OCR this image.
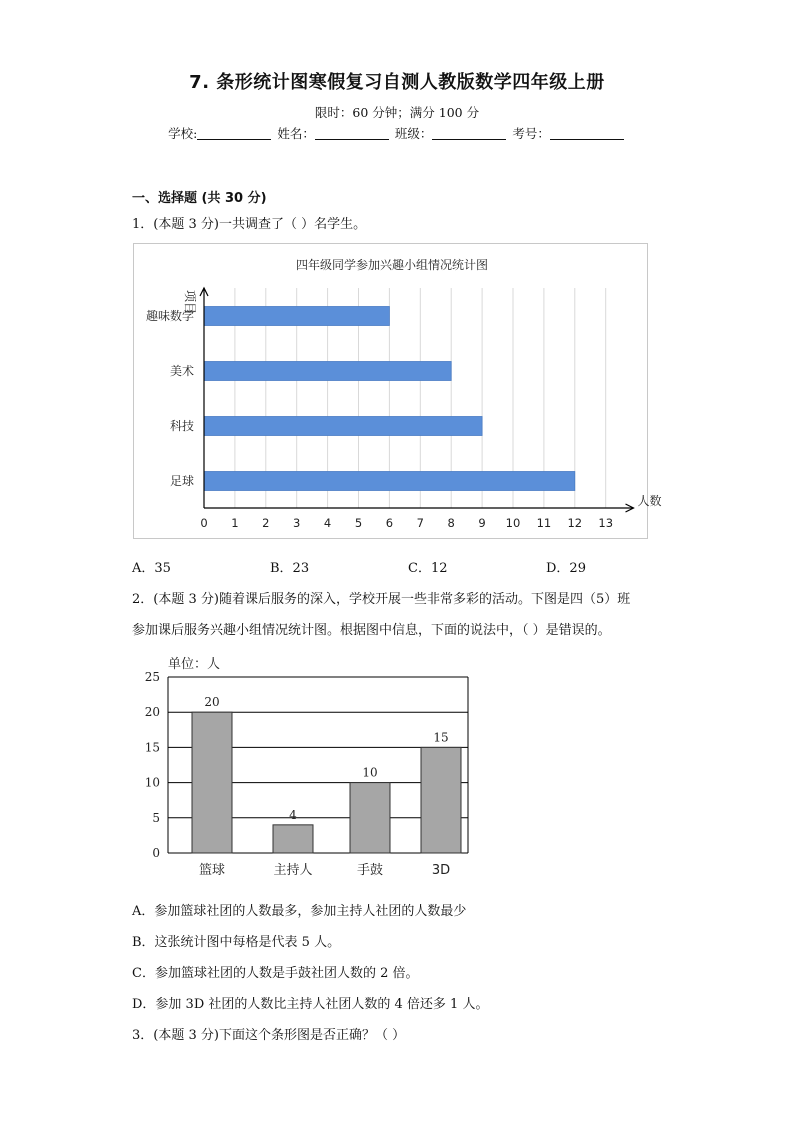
7. 条形统计图寒假复习自测人教版数学四年级上册
限时：60 分钟；满分 100 分
学校:	姓名：	班级：	考号：
一、选择题 (共 30 分)
1．(本题 3 分)一共调查了（ ）名学生。
四年级同学参加兴趣小组情况统计图
趣味数学
美术
科技
足球
0 1 2 3 4 5 6 7 8 9 10 11 12 13
人数
项目
A．35	B．23	C．12	D．29
2．(本题 3 分)随着课后服务的深入，学校开展一些非常多彩的活动。下图是四（5）班
参加课后服务兴趣小组情况统计图。根据图中信息，下面的说法中，（ ）是错误的。
单位：人
0
5
10
15
20
25
20
篮球
4
主持人
10
手鼓
15
3D
A．参加篮球社团的人数最多，参加主持人社团的人数最少
B．这张统计图中每格是代表 5 人。
C．参加篮球社团的人数是手鼓社团人数的 2 倍。
D．参加 3D 社团的人数比主持人社团人数的 4 倍还多 1 人。
3．(本题 3 分)下面这个条形图是否正确？（ ）
